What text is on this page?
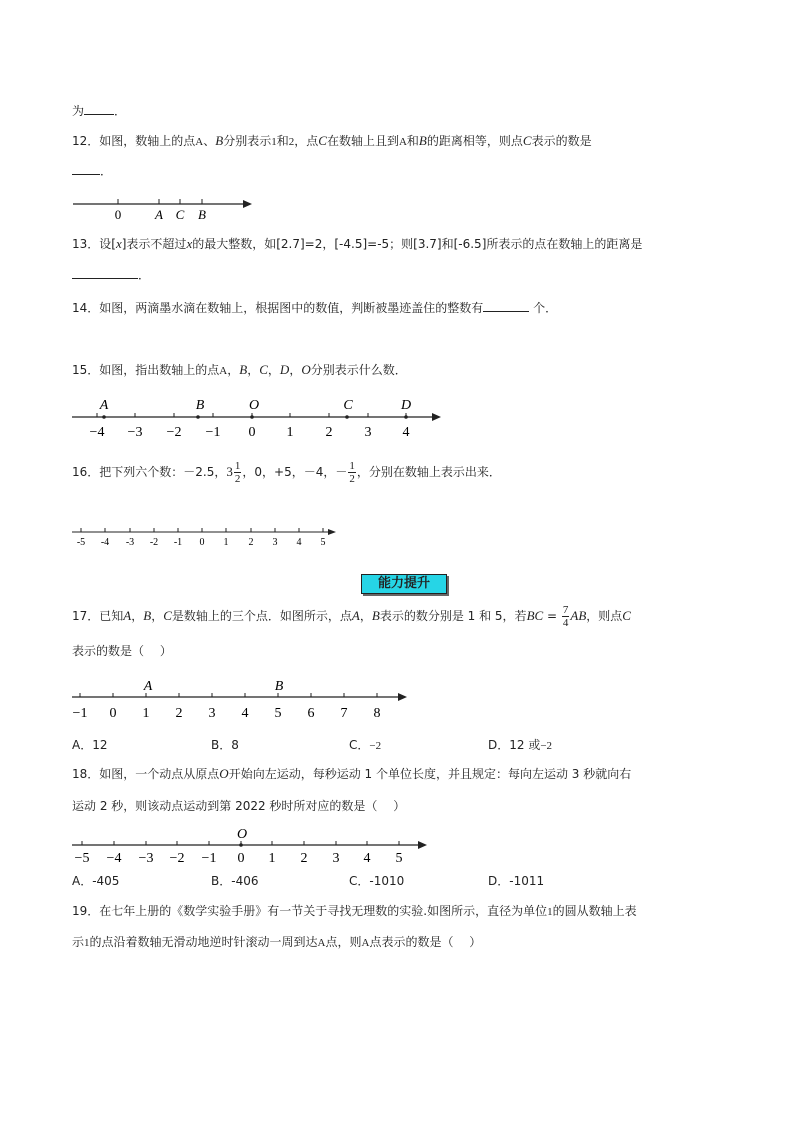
为	．
12．如图，数轴上的点A、B分别表示1和2，点C在数轴上且到A和B的距离相等，则点C表示的数是
．
0	A C B
13．设[x]表示不超过x的最大整数，如[2.7]=2，[-4.5]=-5；则[3.7]和[-6.5]所表示的点在数轴上的距离是
．
14．如图，两滴墨水滴在数轴上，根据图中的数值，判断被墨迹盖住的整数有	个．
15．如图，指出数轴上的点A，B，C，D，O分别表示什么数．
A	B	O	C	D
−4 −3 −2 −1 0 1 2 3 4
16．把下列六个数：－2.5，$3 \frac{1}{2}$ ，0，+5，－4，－ $\frac{1}{2}$ ，分别在数轴上表示出来．
-5 -4 -3 -2 -1 0 1 2 3 4 5
能力提升
17．已知A，B，C是数轴上的三个点．如图所示，点A，B表示的数分别是 1 和 5，若BC = $\frac{7}{4}$ AB，则点C
表示的数是（　 ）
A	B
−1 0 1 2 3 4 5 6 7 8
A．12	B．8	C．−2	D．12 或−2
18．如图，一个动点从原点O开始向左运动，每秒运动 1 个单位长度，并且规定：每向左运动 3 秒就向右
运动 2 秒，则该动点运动到第 2022 秒时所对应的数是（　 ）
O
−5 −4 −3 −2 −1 0 1 2 3 4 5
A．-405	B．-406	C．-1010	D．-1011
19．在七年上册的《数学实验手册》有一节关于寻找无理数的实验.如图所示，直径为单位1的圆从数轴上表
示1的点沿着数轴无滑动地逆时针滚动一周到达A点，则A点表示的数是（　 ）
